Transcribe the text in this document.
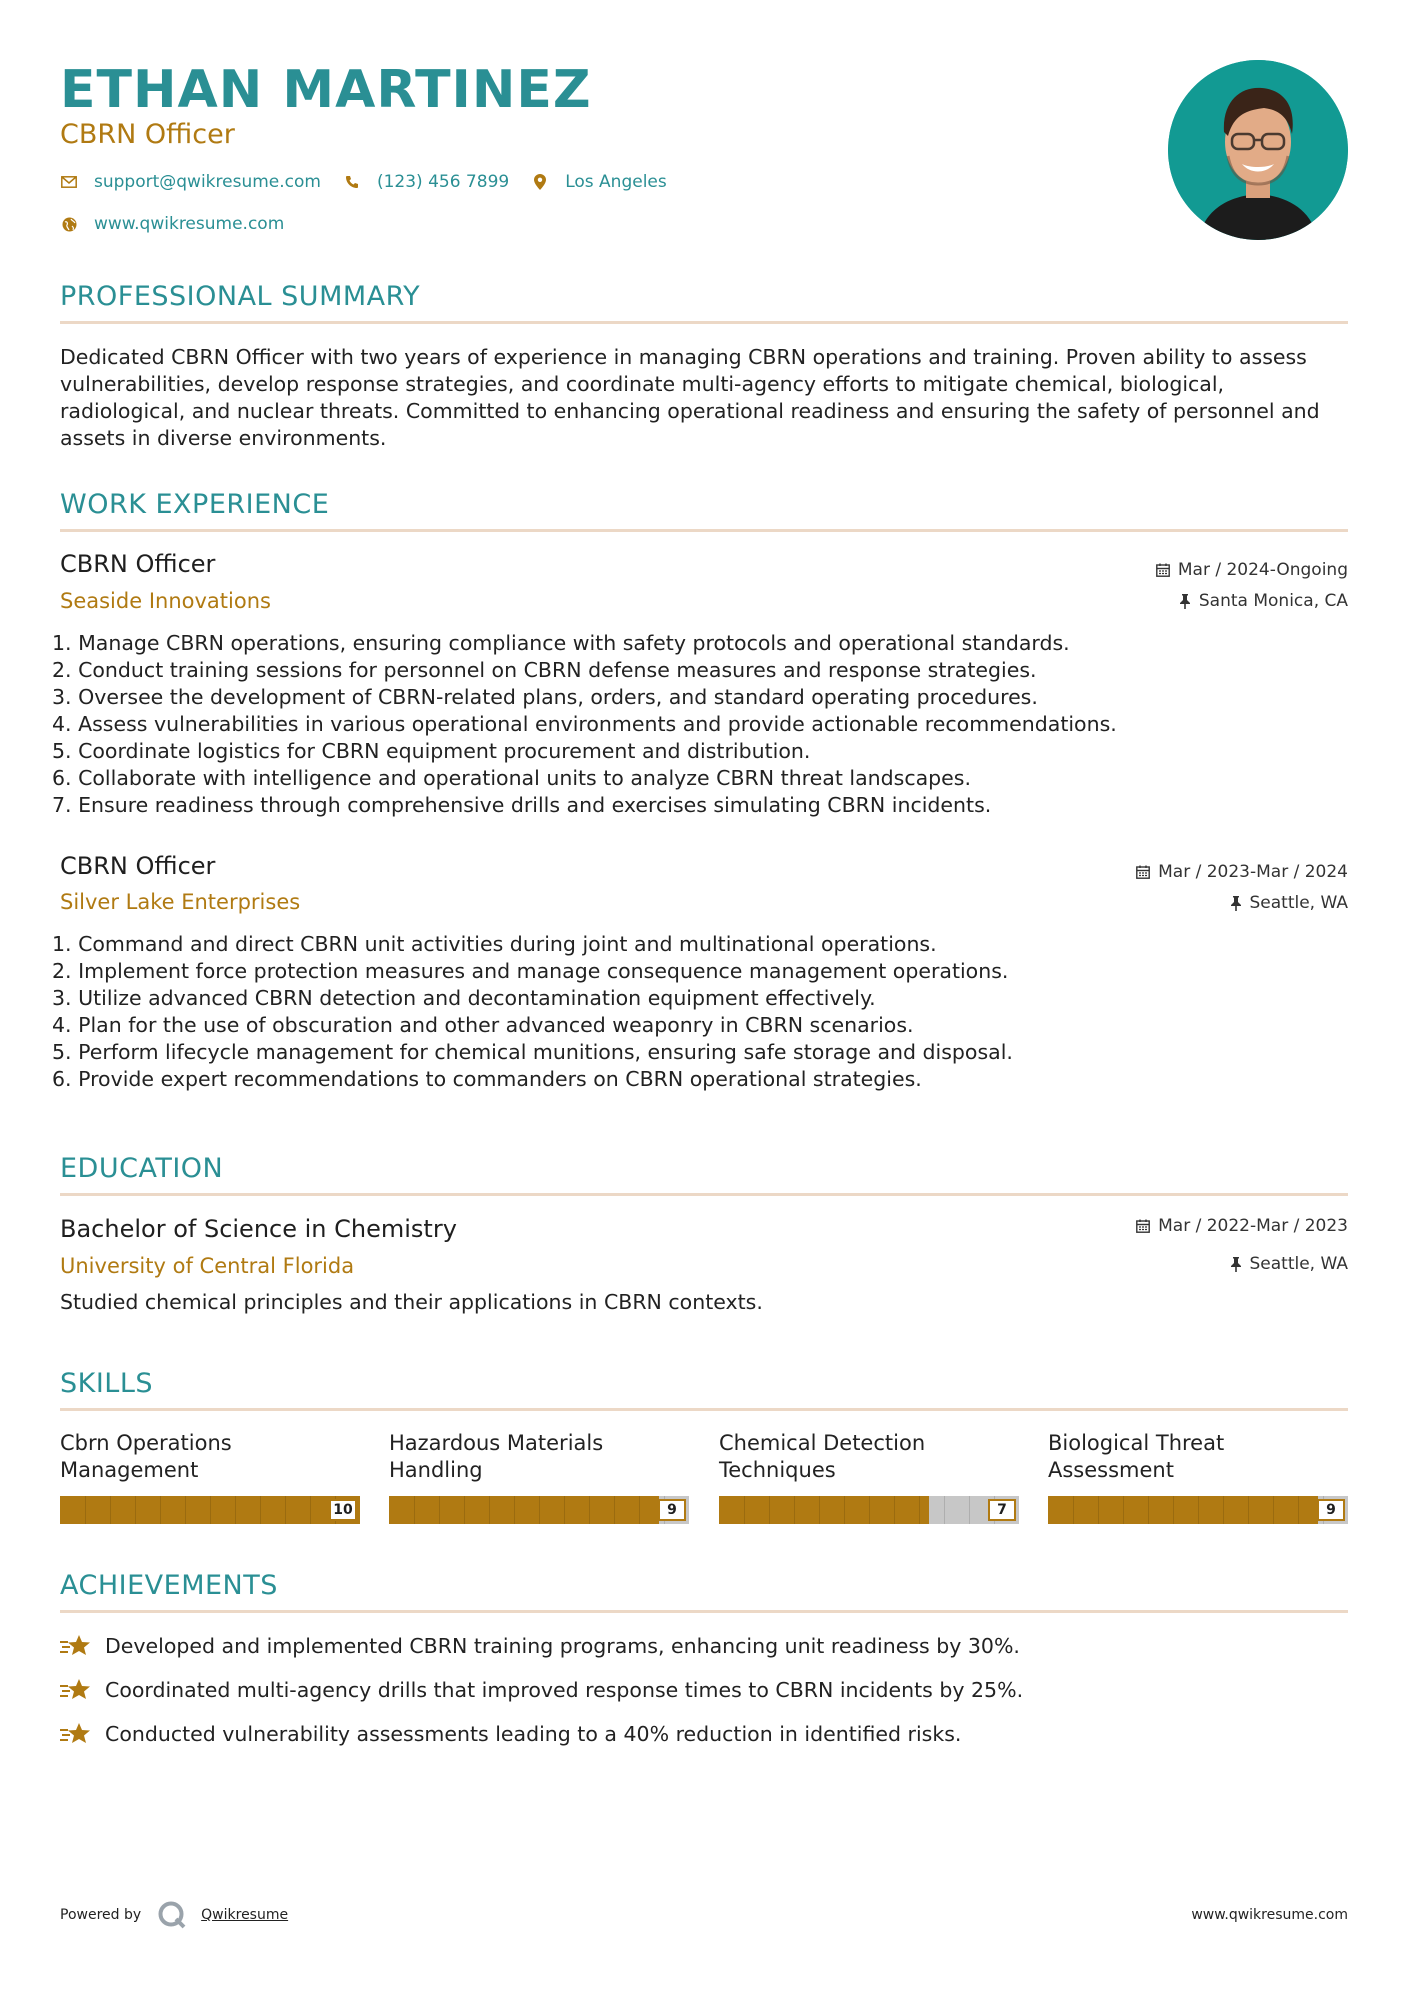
ETHAN MARTINEZ
CBRN Officer
support@qwikresume.com	(123) 456 7899	Los Angeles
www.qwikresume.com
PROFESSIONAL SUMMARY
Dedicated CBRN Officer with two years of experience in managing CBRN operations and training. Proven ability to assess
vulnerabilities, develop response strategies, and coordinate multi-agency efforts to mitigate chemical, biological,
radiological, and nuclear threats. Committed to enhancing operational readiness and ensuring the safety of personnel and
assets in diverse environments.
WORK EXPERIENCE
CBRN Officer
Seaside Innovations
Mar / 2024-Ongoing
Santa Monica, CA
1. Manage CBRN operations, ensuring compliance with safety protocols and operational standards.
2. Conduct training sessions for personnel on CBRN defense measures and response strategies.
3. Oversee the development of CBRN-related plans, orders, and standard operating procedures.
4. Assess vulnerabilities in various operational environments and provide actionable recommendations.
5. Coordinate logistics for CBRN equipment procurement and distribution.
6. Collaborate with intelligence and operational units to analyze CBRN threat landscapes.
7. Ensure readiness through comprehensive drills and exercises simulating CBRN incidents.
CBRN Officer
Silver Lake Enterprises
Mar / 2023-Mar / 2024
Seattle, WA
1. Command and direct CBRN unit activities during joint and multinational operations.
2. Implement force protection measures and manage consequence management operations.
3. Utilize advanced CBRN detection and decontamination equipment effectively.
4. Plan for the use of obscuration and other advanced weaponry in CBRN scenarios.
5. Perform lifecycle management for chemical munitions, ensuring safe storage and disposal.
6. Provide expert recommendations to commanders on CBRN operational strategies.
EDUCATION
Bachelor of Science in Chemistry
University of Central Florida
Mar / 2022-Mar / 2023
Seattle, WA
Studied chemical principles and their applications in CBRN contexts.
SKILLS
Cbrn Operations
Management
10
Hazardous Materials
Handling
9
Chemical Detection
Techniques
7
Biological Threat
Assessment
9
ACHIEVEMENTS
Developed and implemented CBRN training programs, enhancing unit readiness by 30%.
Coordinated multi-agency drills that improved response times to CBRN incidents by 25%.
Conducted vulnerability assessments leading to a 40% reduction in identified risks.
Powered by	Qwikresume	www.qwikresume.com
